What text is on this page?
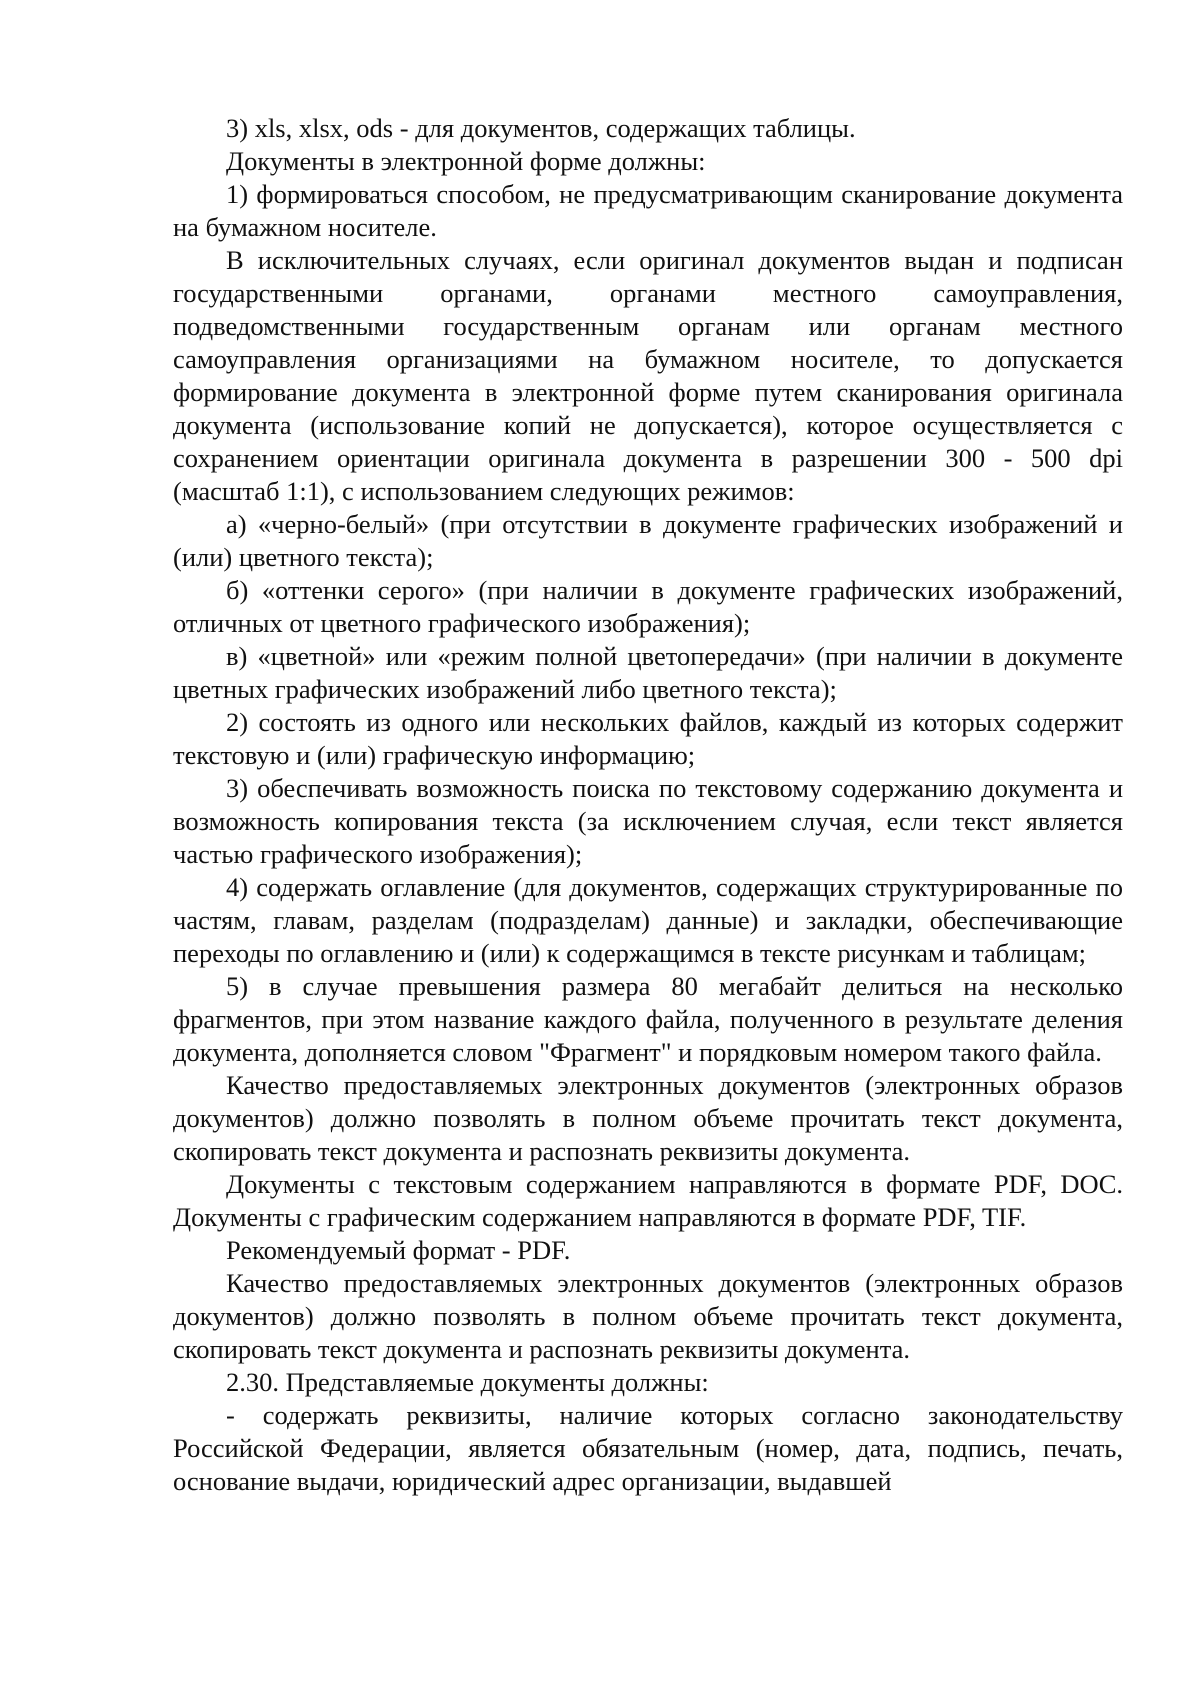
3) xls, xlsx, ods - для документов, содержащих таблицы.

Документы в электронной форме должны:

1) формироваться способом, не предусматривающим сканирование документа на бумажном носителе.

В исключительных случаях, если оригинал документов выдан и подписан государственными органами, органами местного самоуправления, подведомственными государственным органам или органам местного самоуправления организациями на бумажном носителе, то допускается формирование документа в электронной форме путем сканирования оригинала документа (использование копий не допускается), которое осуществляется с сохранением ориентации оригинала документа в разрешении 300 - 500 dpi (масштаб 1:1), с использованием следующих режимов:

а) «черно-белый» (при отсутствии в документе графических изображений и (или) цветного текста);

б) «оттенки серого» (при наличии в документе графических изображений, отличных от цветного графического изображения);

в) «цветной» или «режим полной цветопередачи» (при наличии в документе цветных графических изображений либо цветного текста);

2) состоять из одного или нескольких файлов, каждый из которых содержит текстовую и (или) графическую информацию;

3) обеспечивать возможность поиска по текстовому содержанию документа и возможность копирования текста (за исключением случая, если текст является частью графического изображения);

4) содержать оглавление (для документов, содержащих структурированные по частям, главам, разделам (подразделам) данные) и закладки, обеспечивающие переходы по оглавлению и (или) к содержащимся в тексте рисункам и таблицам;

5) в случае превышения размера 80 мегабайт делиться на несколько фрагментов, при этом название каждого файла, полученного в результате деления документа, дополняется словом "Фрагмент" и порядковым номером такого файла.

Качество предоставляемых электронных документов (электронных образов документов) должно позволять в полном объеме прочитать текст документа, скопировать текст документа и распознать реквизиты документа.

Документы с текстовым содержанием направляются в формате PDF, DOC. Документы с графическим содержанием направляются в формате PDF, TIF.

Рекомендуемый формат - PDF.

Качество предоставляемых электронных документов (электронных образов документов) должно позволять в полном объеме прочитать текст документа, скопировать текст документа и распознать реквизиты документа.

2.30. Представляемые документы должны:

- содержать реквизиты, наличие которых согласно законодательству Российской Федерации, является обязательным (номер, дата, подпись, печать, основание выдачи, юридический адрес организации, выдавшей
